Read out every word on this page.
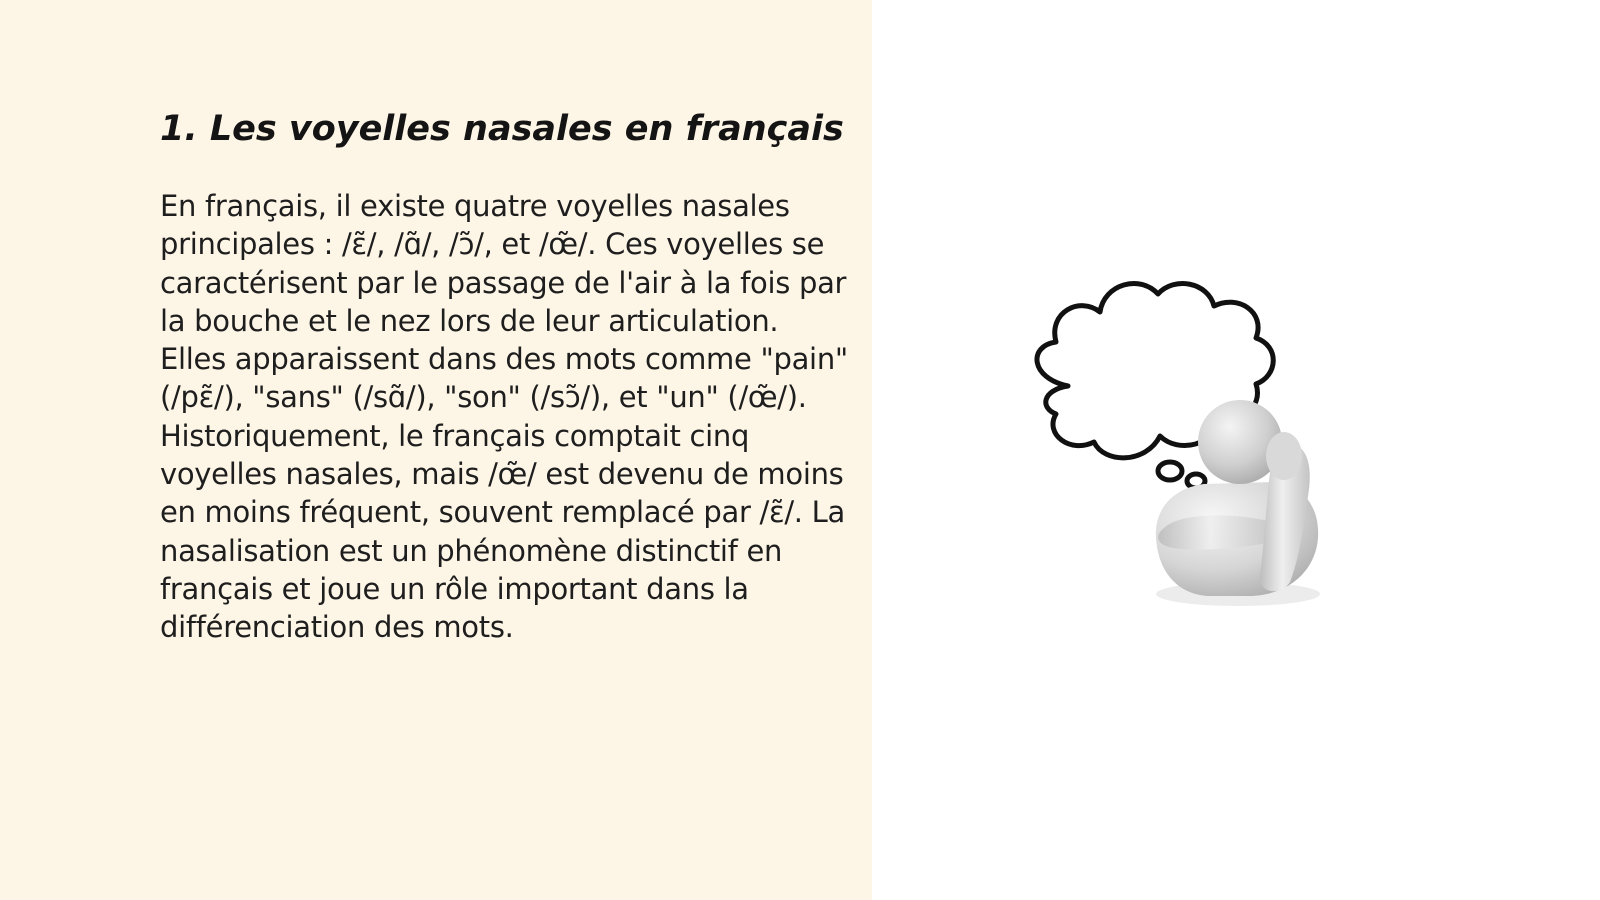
1. Les voyelles nasales en français

En français, il existe quatre voyelles nasales principales : /ɛ̃/, /ɑ̃/, /ɔ̃/, et /œ̃/. Ces voyelles se caractérisent par le passage de l'air à la fois par la bouche et le nez lors de leur articulation. Elles apparaissent dans des mots comme "pain" (/pɛ̃/), "sans" (/sɑ̃/), "son" (/sɔ̃/), et "un" (/œ̃/). Historiquement, le français comptait cinq voyelles nasales, mais /œ̃/ est devenu de moins en moins fréquent, souvent remplacé par /ɛ̃/. La nasalisation est un phénomène distinctif en français et joue un rôle important dans la différenciation des mots.
